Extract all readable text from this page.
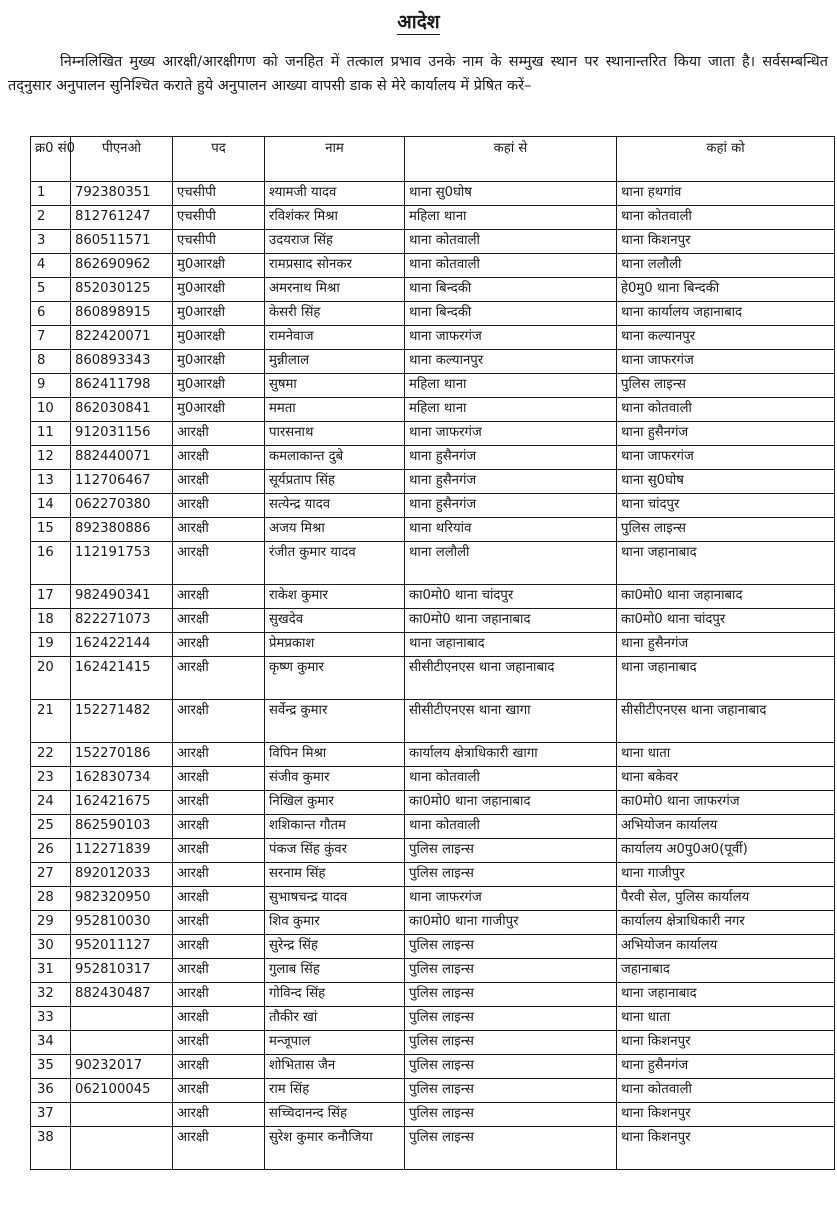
आदेश
निम्नलिखित मुख्य आरक्षी/आरक्षीगण को जनहित में तत्काल प्रभाव उनके नाम के सम्मुख स्थान पर स्थानान्तरित किया जाता है। सर्वसम्बन्धित तद्नुसार अनुपालन सुनिश्चित कराते हुये अनुपालन आख्या वापसी डाक से मेरे कार्यालय में प्रेषित करें–
क्र0 सं0	पीएनओ	पद	नाम	कहां से	कहां को
1	792380351	एचसीपी	श्यामजी यादव	थाना सु0घोष	थाना हथगांव
2	812761247	एचसीपी	रविशंकर मिश्रा	महिला थाना	थाना कोतवाली
3	860511571	एचसीपी	उदयराज सिंह	थाना कोतवाली	थाना किशनपुर
4	862690962	मु0आरक्षी	रामप्रसाद सोनकर	थाना कोतवाली	थाना ललौली
5	852030125	मु0आरक्षी	अमरनाथ मिश्रा	थाना बिन्दकी	हे0मु0 थाना बिन्दकी
6	860898915	मु0आरक्षी	केसरी सिंह	थाना बिन्दकी	थाना कार्यालय जहानाबाद
7	822420071	मु0आरक्षी	रामनेवाज	थाना जाफरगंज	थाना कल्यानपुर
8	860893343	मु0आरक्षी	मुन्नीलाल	थाना कल्यानपुर	थाना जाफरगंज
9	862411798	मु0आरक्षी	सुषमा	महिला थाना	पुलिस लाइन्स
10	862030841	मु0आरक्षी	ममता	महिला थाना	थाना कोतवाली
11	912031156	आरक्षी	पारसनाथ	थाना जाफरगंज	थाना हुसैनगंज
12	882440071	आरक्षी	कमलाकान्त दुबे	थाना हुसैनगंज	थाना जाफरगंज
13	112706467	आरक्षी	सूर्यप्रताप सिंह	थाना हुसैनगंज	थाना सु0घोष
14	062270380	आरक्षी	सत्येन्द्र यादव	थाना हुसैनगंज	थाना चांदपुर
15	892380886	आरक्षी	अजय मिश्रा	थाना थरियांव	पुलिस लाइन्स
16	112191753	आरक्षी	रंजीत कुमार यादव	थाना ललौली	थाना जहानाबाद
17	982490341	आरक्षी	राकेश कुमार	का0मो0 थाना चांदपुर	का0मो0 थाना जहानाबाद
18	822271073	आरक्षी	सुखदेव	का0मो0 थाना जहानाबाद	का0मो0 थाना चांदपुर
19	162422144	आरक्षी	प्रेमप्रकाश	थाना जहानाबाद	थाना हुसैनगंज
20	162421415	आरक्षी	कृष्ण कुमार	सीसीटीएनएस थाना जहानाबाद	थाना जहानाबाद
21	152271482	आरक्षी	सर्वेन्द्र कुमार	सीसीटीएनएस थाना खागा	सीसीटीएनएस थाना जहानाबाद
22	152270186	आरक्षी	विपिन मिश्रा	कार्यालय क्षेत्राधिकारी खागा	थाना धाता
23	162830734	आरक्षी	संजीव कुमार	थाना कोतवाली	थाना बकेवर
24	162421675	आरक्षी	निखिल कुमार	का0मो0 थाना जहानाबाद	का0मो0 थाना जाफरगंज
25	862590103	आरक्षी	शशिकान्त गौतम	थाना कोतवाली	अभियोजन कार्यालय
26	112271839	आरक्षी	पंकज सिंह कुंवर	पुलिस लाइन्स	कार्यालय अ0पु0अ0(पूर्वी)
27	892012033	आरक्षी	सरनाम सिंह	पुलिस लाइन्स	थाना गाजीपुर
28	982320950	आरक्षी	सुभाषचन्द्र यादव	थाना जाफरगंज	पैरवी सेल, पुलिस कार्यालय
29	952810030	आरक्षी	शिव कुमार	का0मो0 थाना गाजीपुर	कार्यालय क्षेत्राधिकारी नगर
30	952011127	आरक्षी	सुरेन्द्र सिंह	पुलिस लाइन्स	अभियोजन कार्यालय
31	952810317	आरक्षी	गुलाब सिंह	पुलिस लाइन्स	जहानाबाद
32	882430487	आरक्षी	गोविन्द सिंह	पुलिस लाइन्स	थाना जहानाबाद
33		आरक्षी	तौकीर खां	पुलिस लाइन्स	थाना धाता
34		आरक्षी	मन्जूपाल	पुलिस लाइन्स	थाना किशनपुर
35	90232017	आरक्षी	शोभितास जैन	पुलिस लाइन्स	थाना हुसैनगंज
36	062100045	आरक्षी	राम सिंह	पुलिस लाइन्स	थाना कोतवाली
37		आरक्षी	सच्चिदानन्द सिंह	पुलिस लाइन्स	थाना किशनपुर
38		आरक्षी	सुरेश कुमार कनौजिया	पुलिस लाइन्स	थाना किशनपुर
